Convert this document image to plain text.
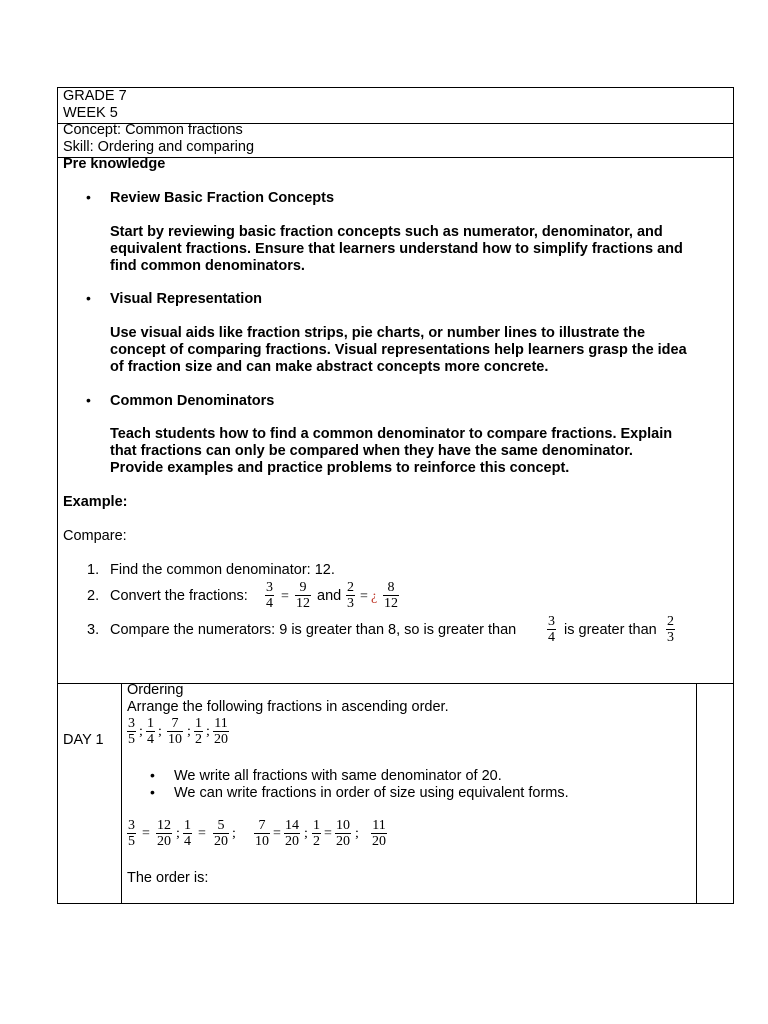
GRADE 7
WEEK 5
Concept: Common fractions
Skill: Ordering and comparing
Pre knowledge
• Review Basic Fraction Concepts
Start by reviewing basic fraction concepts such as numerator, denominator, and
equivalent fractions. Ensure that learners understand how to simplify fractions and
find common denominators.
• Visual Representation
Use visual aids like fraction strips, pie charts, or number lines to illustrate the
concept of comparing fractions. Visual representations help learners grasp the idea
of fraction size and can make abstract concepts more concrete.
• Common Denominators
Teach students how to find a common denominator to compare fractions. Explain
that fractions can only be compared when they have the same denominator.
Provide examples and practice problems to reinforce this concept.
Example:
Compare:
1. Find the common denominator: 12.
2. Convert the fractions:
3
4 =
9
12 and
2
3 = ¿
8
12
3. Compare the numerators: 9 is greater than 8, so is greater than
3
4 is greater than
2
3
DAY 1
Ordering
Arrange the following fractions in ascending order.
3
5
;
1
4
;
7
10
;
1
2
;
11
20
• We write all fractions with same denominator of 20.
• We can write fractions in order of size using equivalent forms.
3
5
=
12
20
;
1
4
=
5
20
;
7
10
=
14
20
;
1
2
=
10
20
;
11
20
The order is:
